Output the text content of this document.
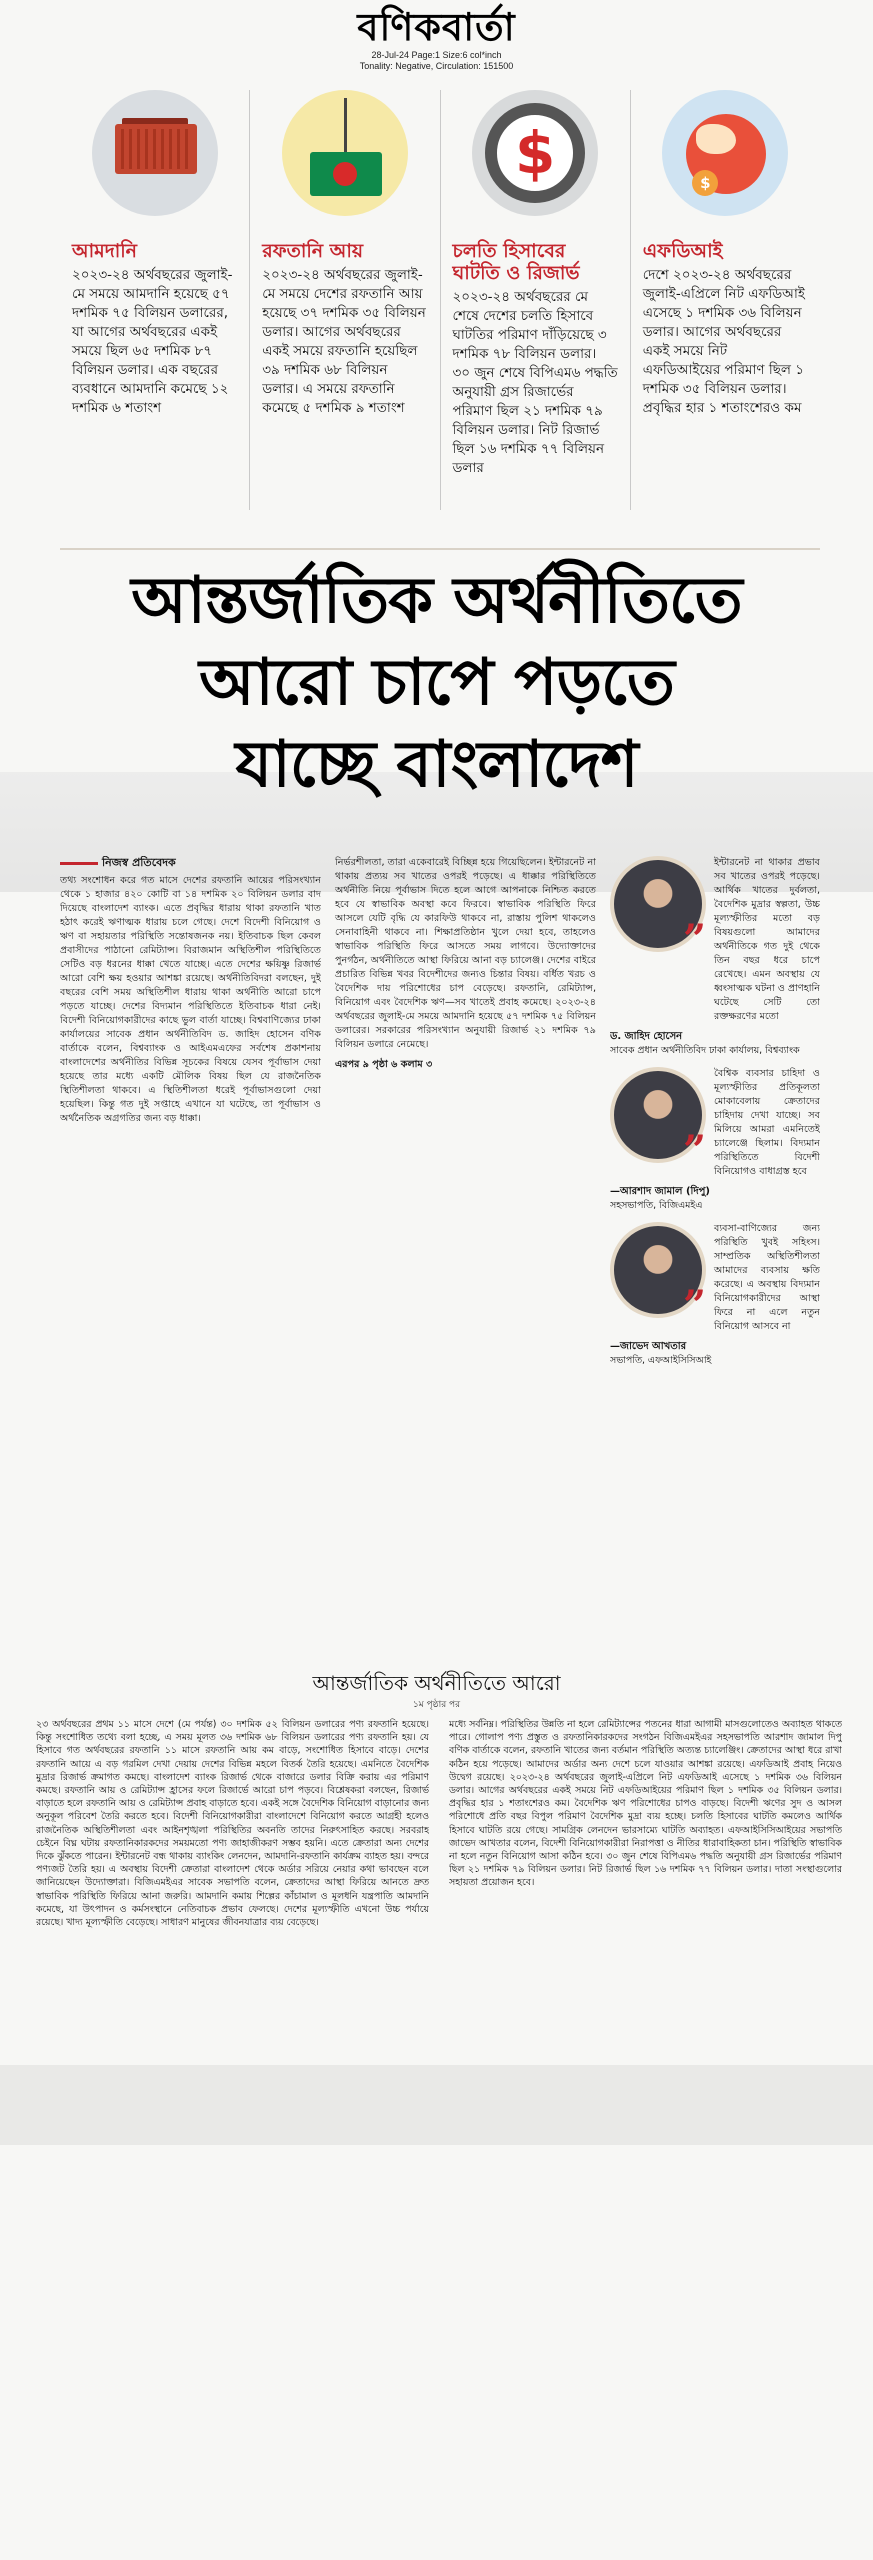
বণিকবার্তা
28-Jul-24 Page:1 Size:6 col*inch
Tonality: Negative, Circulation: 151500
আমদানি

২০২৩-২৪ অর্থবছরের জুলাই-মে সময়ে আমদানি হয়েছে ৫৭ দশমিক ৭৫ বিলিয়ন ডলারের, যা আগের অর্থবছরের একই সময়ে ছিল ৬৫ দশমিক ৮৭ বিলিয়ন ডলার। এক বছরের ব্যবধানে আমদানি কমেছে ১২ দশমিক ৬ শতাংশ

রফতানি আয়

২০২৩-২৪ অর্থবছরের জুলাই-মে সময়ে দেশের রফতানি আয় হয়েছে ৩৭ দশমিক ৩৫ বিলিয়ন ডলার। আগের অর্থবছরের একই সময়ে রফতানি হয়েছিল ৩৯ দশমিক ৬৮ বিলিয়ন ডলার। এ সময়ে রফতানি কমেছে ৫ দশমিক ৯ শতাংশ

$
চলতি হিসাবের ঘাটতি ও রিজার্ভ

২০২৩-২৪ অর্থবছরের মে শেষে দেশের চলতি হিসাবে ঘাটতির পরিমাণ দাঁড়িয়েছে ৩ দশমিক ৭৮ বিলিয়ন ডলার। ৩০ জুন শেষে বিপিএম৬ পদ্ধতি অনুযায়ী গ্রস রিজার্ভের পরিমাণ ছিল ২১ দশমিক ৭৯ বিলিয়ন ডলার। নিট রিজার্ভ ছিল ১৬ দশমিক ৭৭ বিলিয়ন ডলার

$
এফডিআই

দেশে ২০২৩-২৪ অর্থবছরের জুলাই-এপ্রিলে নিট এফডিআই এসেছে ১ দশমিক ৩৬ বিলিয়ন ডলার। আগের অর্থবছরের একই সময়ে নিট এফডিআইয়ের পরিমাণ ছিল ১ দশমিক ৩৫ বিলিয়ন ডলার। প্রবৃদ্ধির হার ১ শতাংশেরও কম

আন্তর্জাতিক অর্থনীতিতে
আরো চাপে পড়তে
যাচ্ছে বাংলাদেশ
নিজস্ব প্রতিবেদক

তথ্য সংশোধন করে গত মাসে দেশের রফতানি আয়ের পরিসংখ্যান থেকে ১ হাজার ৪২০ কোটি বা ১৪ দশমিক ২০ বিলিয়ন ডলার বাদ দিয়েছে বাংলাদেশ ব্যাংক। এতে প্রবৃদ্ধির ধারায় থাকা রফতানি খাত হঠাৎ করেই ঋণাত্মক ধারায় চলে গেছে। দেশে বিদেশী বিনিয়োগ ও ঋণ বা সহায়তার পরিস্থিতি সন্তোষজনক নয়। ইতিবাচক ছিল কেবল প্রবাসীদের পাঠানো রেমিট্যান্স। বিরাজমান অস্থিতিশীল পরিস্থিতিতে সেটিও বড় ধরনের ধাক্কা খেতে যাচ্ছে। এতে দেশের ক্ষয়িষ্ণু রিজার্ভ আরো বেশি ক্ষয় হওয়ার আশঙ্কা রয়েছে। অর্থনীতিবিদরা বলছেন, দুই বছরের বেশি সময় অস্থিতিশীল ধারায় থাকা অর্থনীতি আরো চাপে পড়তে যাচ্ছে। দেশের বিদ্যমান পরিস্থিতিতে ইতিবাচক ধারা নেই। বিদেশী বিনিয়োগকারীদের কাছে ভুল বার্তা যাচ্ছে। বিশ্ববাণিজ্যের ঢাকা কার্যালয়ের সাবেক প্রধান অর্থনীতিবিদ ড. জাহিদ হোসেন বণিক বার্তাকে বলেন, বিশ্বব্যাংক ও আইএমএফের সর্বশেষ প্রকাশনায় বাংলাদেশের অর্থনীতির বিভিন্ন সূচকের বিষয়ে যেসব পূর্বাভাস দেয়া হয়েছে তার মধ্যে একটি মৌলিক বিষয় ছিল যে রাজনৈতিক স্থিতিশীলতা থাকবে। এ স্থিতিশীলতা ধরেই পূর্বাভাসগুলো দেয়া হয়েছিল। কিন্তু গত দুই সপ্তাহে এখানে যা ঘটেছে, তা পূর্বাভাস ও অর্থনৈতিক অগ্রগতির জন্য বড় ধাক্কা।

নির্ভরশীলতা, তারা একেবারেই বিচ্ছিন্ন হয়ে গিয়েছিলেন। ইন্টারনেট না থাকায় প্রত্যয় সব খাতের ওপরই পড়েছে। এ ধাক্কার পরিস্থিতিতে অর্থনীতি নিয়ে পূর্বাভাস দিতে হলে আগে আপনাকে নিশ্চিত করতে হবে যে স্বাভাবিক অবস্থা কবে ফিরবে। স্বাভাবিক পরিস্থিতি ফিরে আসলে যেটি বৃদ্ধি যে কারফিউ থাকবে না, রাস্তায় পুলিশ থাকলেও সেনাবাহিনী থাকবে না। শিক্ষাপ্রতিষ্ঠান খুলে দেয়া হবে, তাহলেও স্বাভাবিক পরিস্থিতি ফিরে আসতে সময় লাগবে। উদ্যোক্তাদের পুনর্গঠন, অর্থনীতিতে আস্থা ফিরিয়ে আনা বড় চ্যালেঞ্জ। দেশের বাইরে প্রচারিত বিভিন্ন খবর বিদেশীদের জন্যও চিন্তার বিষয়। বর্ধিত খরচ ও বৈদেশিক দায় পরিশোধের চাপ বেড়েছে। রফতানি, রেমিট্যান্স, বিনিয়োগ এবং বৈদেশিক ঋণ—সব খাতেই প্রবাহ কমেছে। ২০২৩-২৪ অর্থবছরের জুলাই-মে সময়ে আমদানি হয়েছে ৫৭ দশমিক ৭৫ বিলিয়ন ডলারের। সরকারের পরিসংখ্যান অনুযায়ী রিজার্ভ ২১ দশমিক ৭৯ বিলিয়ন ডলারে নেমেছে।

এরপর ৯ পৃষ্ঠা ৬ কলাম ৩
”
ইন্টারনেট না থাকার প্রভাব সব খাতের ওপরই পড়েছে। আর্থিক খাতের দুর্বলতা, বৈদেশিক মুদ্রার স্বল্পতা, উচ্চ মূল্যস্ফীতির মতো বড় বিষয়গুলো আমাদের অর্থনীতিকে গত দুই থেকে তিন বছর ধরে চাপে রেখেছে। এমন অবস্থায় যে ধ্বংসাত্মক ঘটনা ও প্রাণহানি ঘটেছে সেটি তো রক্তক্ষরণের মতো
ড. জাহিদ হোসেন
সাবেক প্রধান অর্থনীতিবিদ ঢাকা কার্যালয়, বিশ্বব্যাংক
”
বৈশ্বিক ব্যবসার চাহিদা ও মূল্যস্ফীতির প্রতিকূলতা মোকাবেলায় ক্রেতাদের চাহিদায় দেখা যাচ্ছে। সব মিলিয়ে আমরা এমনিতেই চ্যালেঞ্জে ছিলাম। বিদ্যমান পরিস্থিতিতে বিদেশী বিনিয়োগও বাধাগ্রস্ত হবে
—আরশাদ জামাল (দিপু)
সহসভাপতি, বিজিএমইএ
”
ব্যবসা-বাণিজ্যের জন্য পরিস্থিতি খুবই সহিংস। সাম্প্রতিক অস্থিতিশীলতা আমাদের ব্যবসায় ক্ষতি করেছে। এ অবস্থায় বিদ্যমান বিনিয়োগকারীদের আস্থা ফিরে না এলে নতুন বিনিয়োগ আসবে না
—জাভেদ আখতার
সভাপতি, এফআইসিসিআই
আন্তর্জাতিক অর্থনীতিতে আরো
১ম পৃষ্ঠার পর
২৩ অর্থবছরের প্রথম ১১ মাসে দেশে (মে পর্যন্ত) ৩০ দশমিক ৫২ বিলিয়ন ডলারের পণ্য রফতানি হয়েছে। কিন্তু সংশোধিত তথ্যে বলা হচ্ছে, এ সময় মূলত ৩৬ দশমিক ৬৮ বিলিয়ন ডলারের পণ্য রফতানি হয়। যে হিসাবে গত অর্থবছরের রফতানি ১১ মাসে রফতানি আয় কম বাড়ে, সংশোধিত হিসাবে বাড়ে। দেশের রফতানি আয়ে এ বড় গরমিল দেখা দেয়ায় দেশের বিভিন্ন মহলে বিতর্ক তৈরি হয়েছে। এমনিতে বৈদেশিক মুদ্রার রিজার্ভ ক্রমাগত কমছে। বাংলাদেশ ব্যাংক রিজার্ভ থেকে বাজারে ডলার বিক্রি করায় এর পরিমাণ কমছে। রফতানি আয় ও রেমিট্যান্স হ্রাসের ফলে রিজার্ভে আরো চাপ পড়বে। বিশ্লেষকরা বলছেন, রিজার্ভ বাড়াতে হলে রফতানি আয় ও রেমিট্যান্স প্রবাহ বাড়াতে হবে। একই সঙ্গে বৈদেশিক বিনিয়োগ বাড়ানোর জন্য অনুকূল পরিবেশ তৈরি করতে হবে। বিদেশী বিনিয়োগকারীরা বাংলাদেশে বিনিয়োগ করতে আগ্রহী হলেও রাজনৈতিক অস্থিতিশীলতা এবং আইনশৃঙ্খলা পরিস্থিতির অবনতি তাদের নিরুৎসাহিত করছে। সরবরাহ চেইনে বিঘ্ন ঘটায় রফতানিকারকদের সময়মতো পণ্য জাহাজীকরণ সম্ভব হয়নি। এতে ক্রেতারা অন্য দেশের দিকে ঝুঁকতে পারেন। ইন্টারনেট বন্ধ থাকায় ব্যাংকিং লেনদেন, আমদানি-রফতানি কার্যক্রম ব্যাহত হয়। বন্দরে পণ্যজট তৈরি হয়। এ অবস্থায় বিদেশী ক্রেতারা বাংলাদেশ থেকে অর্ডার সরিয়ে নেয়ার কথা ভাবছেন বলে জানিয়েছেন উদ্যোক্তারা। বিজিএমইএর সাবেক সভাপতি বলেন, ক্রেতাদের আস্থা ফিরিয়ে আনতে দ্রুত স্বাভাবিক পরিস্থিতি ফিরিয়ে আনা জরুরি। আমদানি কমায় শিল্পের কাঁচামাল ও মূলধনি যন্ত্রপাতি আমদানি কমেছে, যা উৎপাদন ও কর্মসংস্থানে নেতিবাচক প্রভাব ফেলছে। দেশের মূল্যস্ফীতি এখনো উচ্চ পর্যায়ে রয়েছে। খাদ্য মূল্যস্ফীতি বেড়েছে। সাধারণ মানুষের জীবনযাত্রার ব্যয় বেড়েছে।
মধ্যে সর্বনিম্ন। পরিস্থিতির উন্নতি না হলে রেমিট্যান্সের পতনের ধারা আগামী মাসগুলোতেও অব্যাহত থাকতে পারে। গোলাপ পণ্য প্রস্তুত ও রফতানিকারকদের সংগঠন বিজিএমইএর সহসভাপতি আরশাদ জামাল দিপু বণিক বার্তাকে বলেন, রফতানি খাতের জন্য বর্তমান পরিস্থিতি অত্যন্ত চ্যালেঞ্জিং। ক্রেতাদের আস্থা ধরে রাখা কঠিন হয়ে পড়েছে। আমাদের অর্ডার অন্য দেশে চলে যাওয়ার আশঙ্কা রয়েছে। এফডিআই প্রবাহ নিয়েও উদ্বেগ রয়েছে। ২০২৩-২৪ অর্থবছরের জুলাই-এপ্রিলে নিট এফডিআই এসেছে ১ দশমিক ৩৬ বিলিয়ন ডলার। আগের অর্থবছরের একই সময়ে নিট এফডিআইয়ের পরিমাণ ছিল ১ দশমিক ৩৫ বিলিয়ন ডলার। প্রবৃদ্ধির হার ১ শতাংশেরও কম। বৈদেশিক ঋণ পরিশোধের চাপও বাড়ছে। বিদেশী ঋণের সুদ ও আসল পরিশোধে প্রতি বছর বিপুল পরিমাণ বৈদেশিক মুদ্রা ব্যয় হচ্ছে। চলতি হিসাবের ঘাটতি কমলেও আর্থিক হিসাবে ঘাটতি রয়ে গেছে। সামগ্রিক লেনদেন ভারসাম্যে ঘাটতি অব্যাহত। এফআইসিসিআইয়ের সভাপতি জাভেদ আখতার বলেন, বিদেশী বিনিয়োগকারীরা নিরাপত্তা ও নীতির ধারাবাহিকতা চান। পরিস্থিতি স্বাভাবিক না হলে নতুন বিনিয়োগ আসা কঠিন হবে। ৩০ জুন শেষে বিপিএম৬ পদ্ধতি অনুযায়ী গ্রস রিজার্ভের পরিমাণ ছিল ২১ দশমিক ৭৯ বিলিয়ন ডলার। নিট রিজার্ভ ছিল ১৬ দশমিক ৭৭ বিলিয়ন ডলার। দাতা সংস্থাগুলোর সহায়তা প্রয়োজন হবে।
